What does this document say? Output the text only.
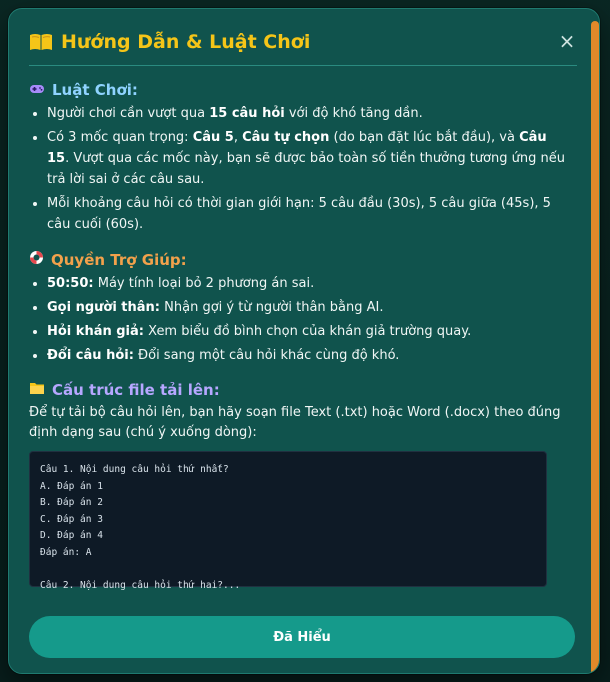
Hướng Dẫn & Luật Chơi	×
Luật Chơi:
• Người chơi cần vượt qua 15 câu hỏi với độ khó tăng dần.
• Có 3 mốc quan trọng: Câu 5, Câu tự chọn (do bạn đặt lúc bắt đầu), và Câu 15. Vượt qua các mốc này, bạn sẽ được bảo toàn số tiền thưởng tương ứng nếu trả lời sai ở các câu sau.
• Mỗi khoảng câu hỏi có thời gian giới hạn: 5 câu đầu (30s), 5 câu giữa (45s), 5 câu cuối (60s).
Quyền Trợ Giúp:
• 50:50: Máy tính loại bỏ 2 phương án sai.
• Gọi người thân: Nhận gợi ý từ người thân bằng AI.
• Hỏi khán giả: Xem biểu đồ bình chọn của khán giả trường quay.
• Đổi câu hỏi: Đổi sang một câu hỏi khác cùng độ khó.
Cấu trúc file tải lên:

Để tự tải bộ câu hỏi lên, bạn hãy soạn file Text (.txt) hoặc Word (.docx) theo đúng định dạng sau (chú ý xuống dòng):

Câu 1. Nội dung câu hỏi thứ nhất?
A. Đáp án 1
B. Đáp án 2
C. Đáp án 3
D. Đáp án 4
Đáp án: A
Câu 2. Nội dung câu hỏi thứ hai?...
Đã Hiểu
